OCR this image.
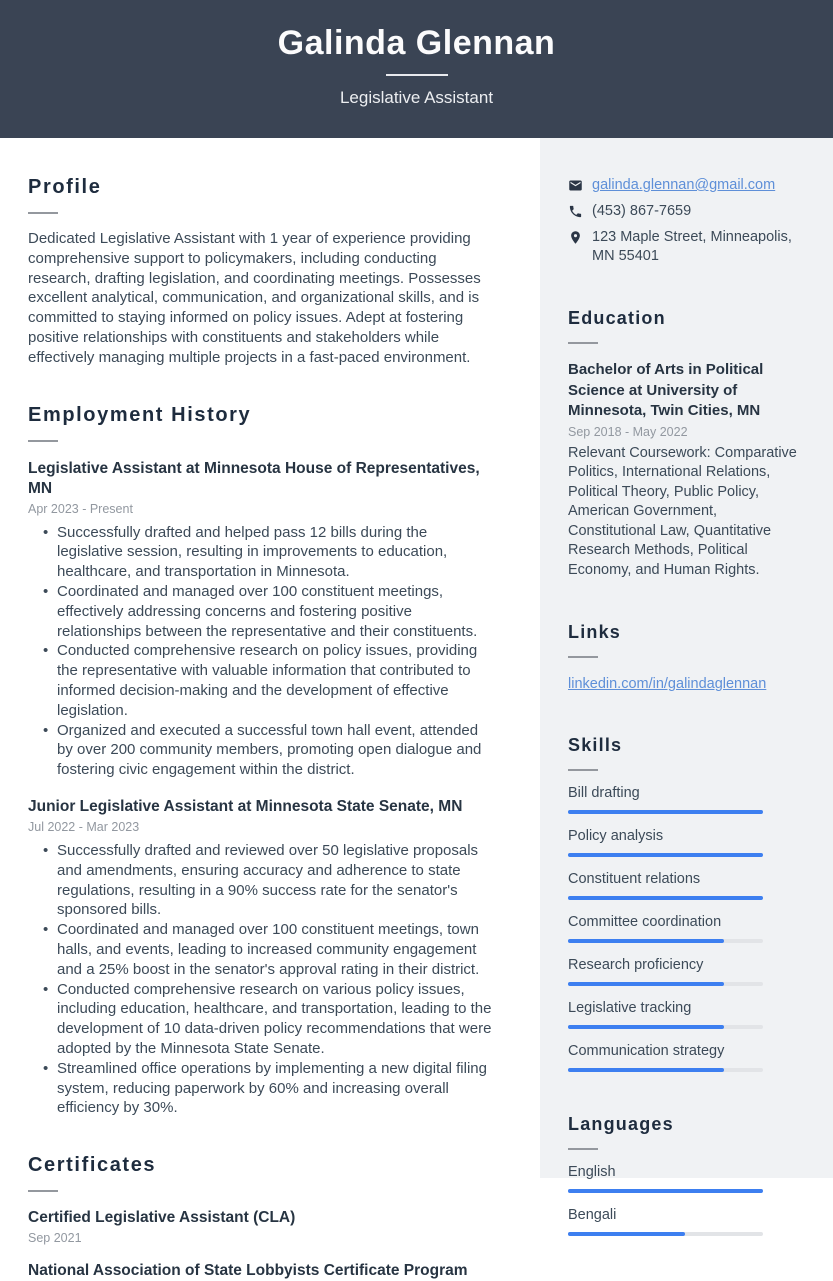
Galinda Glennan
Legislative Assistant
Profile
Dedicated Legislative Assistant with 1 year of experience providing comprehensive support to policymakers, including conducting research, drafting legislation, and coordinating meetings. Possesses excellent analytical, communication, and organizational skills, and is committed to staying informed on policy issues. Adept at fostering positive relationships with constituents and stakeholders while effectively managing multiple projects in a fast-paced environment.
Employment History
Legislative Assistant at Minnesota House of Representatives, MN
Apr 2023 - Present
• Successfully drafted and helped pass 12 bills during the legislative session, resulting in improvements to education, healthcare, and transportation in Minnesota.
• Coordinated and managed over 100 constituent meetings, effectively addressing concerns and fostering positive relationships between the representative and their constituents.
• Conducted comprehensive research on policy issues, providing the representative with valuable information that contributed to informed decision-making and the development of effective legislation.
• Organized and executed a successful town hall event, attended by over 200 community members, promoting open dialogue and fostering civic engagement within the district.
Junior Legislative Assistant at Minnesota State Senate, MN
Jul 2022 - Mar 2023
• Successfully drafted and reviewed over 50 legislative proposals and amendments, ensuring accuracy and adherence to state regulations, resulting in a 90% success rate for the senator's sponsored bills.
• Coordinated and managed over 100 constituent meetings, town halls, and events, leading to increased community engagement and a 25% boost in the senator's approval rating in their district.
• Conducted comprehensive research on various policy issues, including education, healthcare, and transportation, leading to the development of 10 data-driven policy recommendations that were adopted by the Minnesota State Senate.
• Streamlined office operations by implementing a new digital filing system, reducing paperwork by 60% and increasing overall efficiency by 30%.
Certificates
Certified Legislative Assistant (CLA)
Sep 2021
National Association of State Lobbyists Certificate Program
galinda.glennan@gmail.com
(453) 867-7659
123 Maple Street, Minneapolis, MN 55401
Education
Bachelor of Arts in Political Science at University of Minnesota, Twin Cities, MN
Sep 2018 - May 2022
Relevant Coursework: Comparative Politics, International Relations, Political Theory, Public Policy, American Government, Constitutional Law, Quantitative Research Methods, Political Economy, and Human Rights.
Links
linkedin.com/in/galindaglennan
Skills
Bill drafting
Policy analysis
Constituent relations
Committee coordination
Research proficiency
Legislative tracking
Communication strategy
Languages
English
Bengali
